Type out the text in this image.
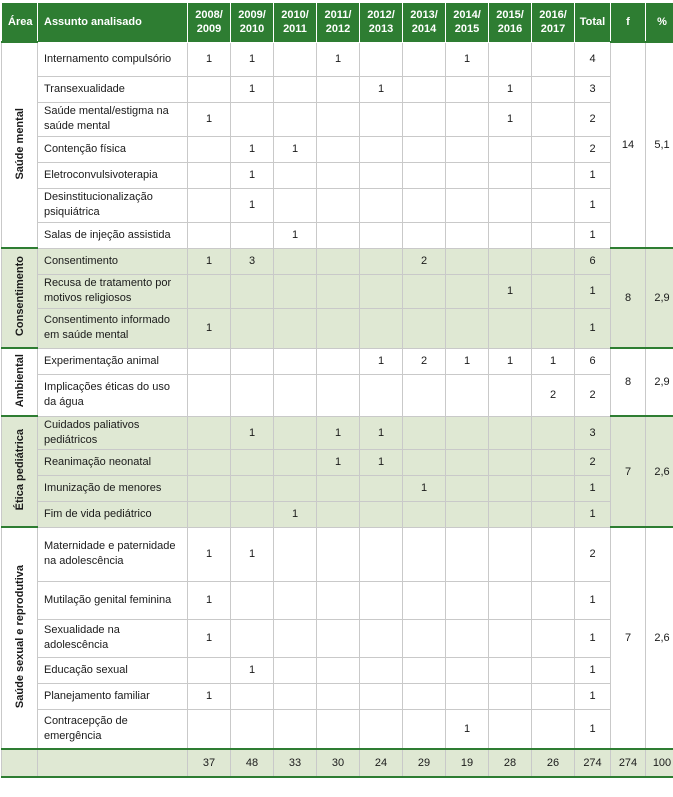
Área	Assunto analisado	2008/ 2009	2009/ 2010	2010/ 2011	2011/ 2012	2012/ 2013	2013/ 2014	2014/ 2015	2015/ 2016	2016/ 2017	Total	f	%
Saúde mental	Internamento compulsório	1	1		1			1			4	14	5,1
	Transexualidade		1			1			1		3		
	Saúde mental/estigma na saúde mental	1							1		2		
	Contenção física		1	1							2		
	Eletroconvulsivoterapia		1								1		
	Desinstitucionalização psiquiátrica		1								1		
	Salas de injeção assistida			1							1		
Consentimento	Consentimento	1	3				2				6	8	2,9
	Recusa de tratamento por motivos religiosos								1		1		
	Consentimento informado em saúde mental	1									1		
Ambiental	Experimentação animal					1	2	1	1	1	6	8	2,9
	Implicações éticas do uso da água									2	2		
Ética pediátrica	Cuidados paliativos pediátricos		1		1	1					3	7	2,6
	Reanimação neonatal				1	1					2		
	Imunização de menores						1				1		
	Fim de vida pediátrico			1							1		
Saúde sexual e reprodutiva	Maternidade e paternidade na adolescência	1	1								2	7	2,6
	Mutilação genital feminina	1									1		
	Sexualidade na adolescência	1									1		
	Educação sexual		1								1		
	Planejamento familiar	1									1		
	Contracepção de emergência							1			1		
		37	48	33	30	24	29	19	28	26	274	274	100
